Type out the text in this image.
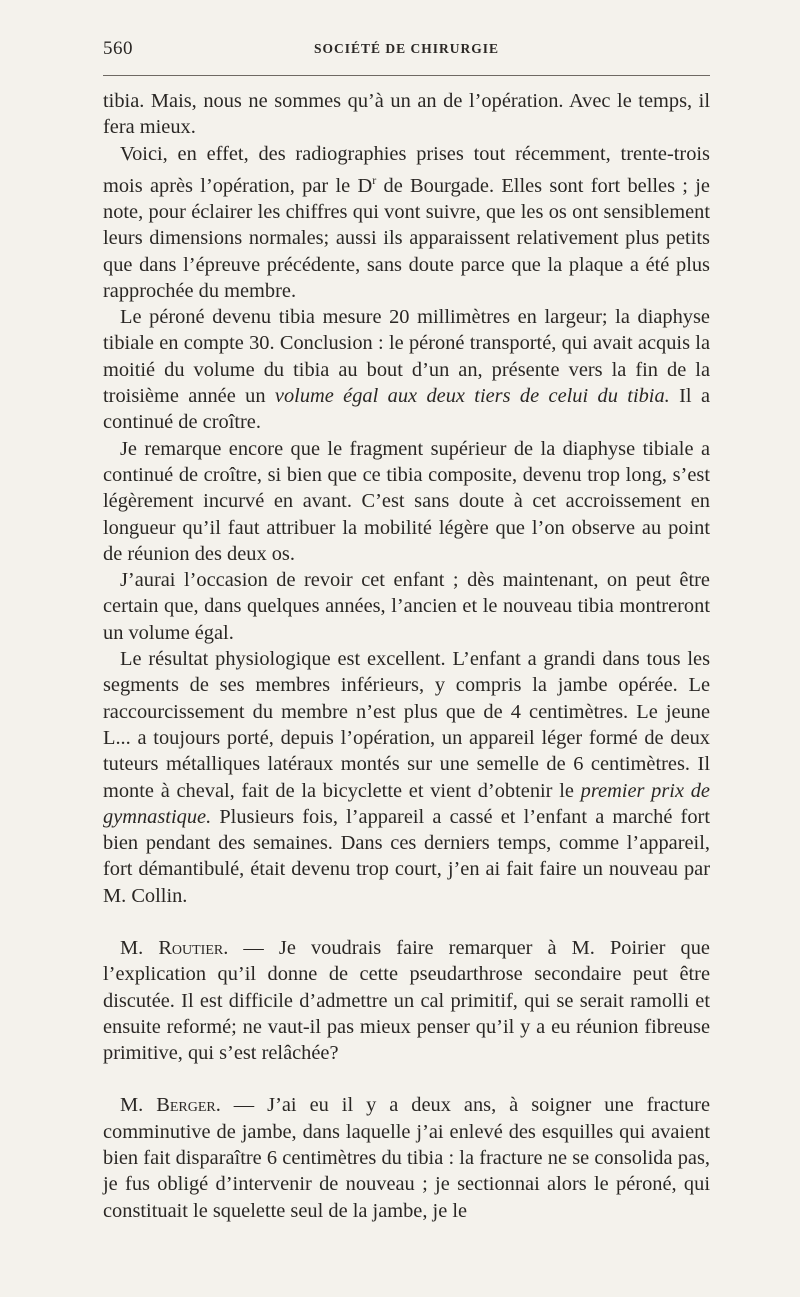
560	SOCIÉTÉ DE CHIRURGIE

tibia. Mais, nous ne sommes qu’à un an de l’opération. Avec le temps, il fera mieux.

Voici, en effet, des radiographies prises tout récemment, trente-trois mois après l’opération, par le $D^r$ de Bourgade. Elles sont fort belles ; je note, pour éclairer les chiffres qui vont suivre, que les os ont sensiblement leurs dimensions normales; aussi ils apparaissent relativement plus petits que dans l’épreuve précédente, sans doute parce que la plaque a été plus rapprochée du membre.

Le péroné devenu tibia mesure 20 millimètres en largeur; la diaphyse tibiale en compte 30. Conclusion : le péroné transporté, qui avait acquis la moitié du volume du tibia au bout d’un an, présente vers la fin de la troisième année un volume égal aux deux tiers de celui du tibia. Il a continué de croître.

Je remarque encore que le fragment supérieur de la diaphyse tibiale a continué de croître, si bien que ce tibia composite, devenu trop long, s’est légèrement incurvé en avant. C’est sans doute à cet accroissement en longueur qu’il faut attribuer la mobilité légère que l’on observe au point de réunion des deux os.

J’aurai l’occasion de revoir cet enfant ; dès maintenant, on peut être certain que, dans quelques années, l’ancien et le nouveau tibia montreront un volume égal.

Le résultat physiologique est excellent. L’enfant a grandi dans tous les segments de ses membres inférieurs, y compris la jambe opérée. Le raccourcissement du membre n’est plus que de 4 centimètres. Le jeune L... a toujours porté, depuis l’opération, un appareil léger formé de deux tuteurs métalliques latéraux montés sur une semelle de 6 centimètres. Il monte à cheval, fait de la bicyclette et vient d’obtenir le premier prix de gymnastique. Plusieurs fois, l’appareil a cassé et l’enfant a marché fort bien pendant des semaines. Dans ces derniers temps, comme l’appareil, fort démantibulé, était devenu trop court, j’en ai fait faire un nouveau par M. Collin.

M. Routier. — Je voudrais faire remarquer à M. Poirier que l’explication qu’il donne de cette pseudarthrose secondaire peut être discutée. Il est difficile d’admettre un cal primitif, qui se serait ramolli et ensuite reformé; ne vaut-il pas mieux penser qu’il y a eu réunion fibreuse primitive, qui s’est relâchée?

M. Berger. — J’ai eu il y a deux ans, à soigner une fracture comminutive de jambe, dans laquelle j’ai enlevé des esquilles qui avaient bien fait disparaître 6 centimètres du tibia : la fracture ne se consolida pas, je fus obligé d’intervenir de nouveau ; je sectionnai alors le péroné, qui constituait le squelette seul de la jambe, je le
